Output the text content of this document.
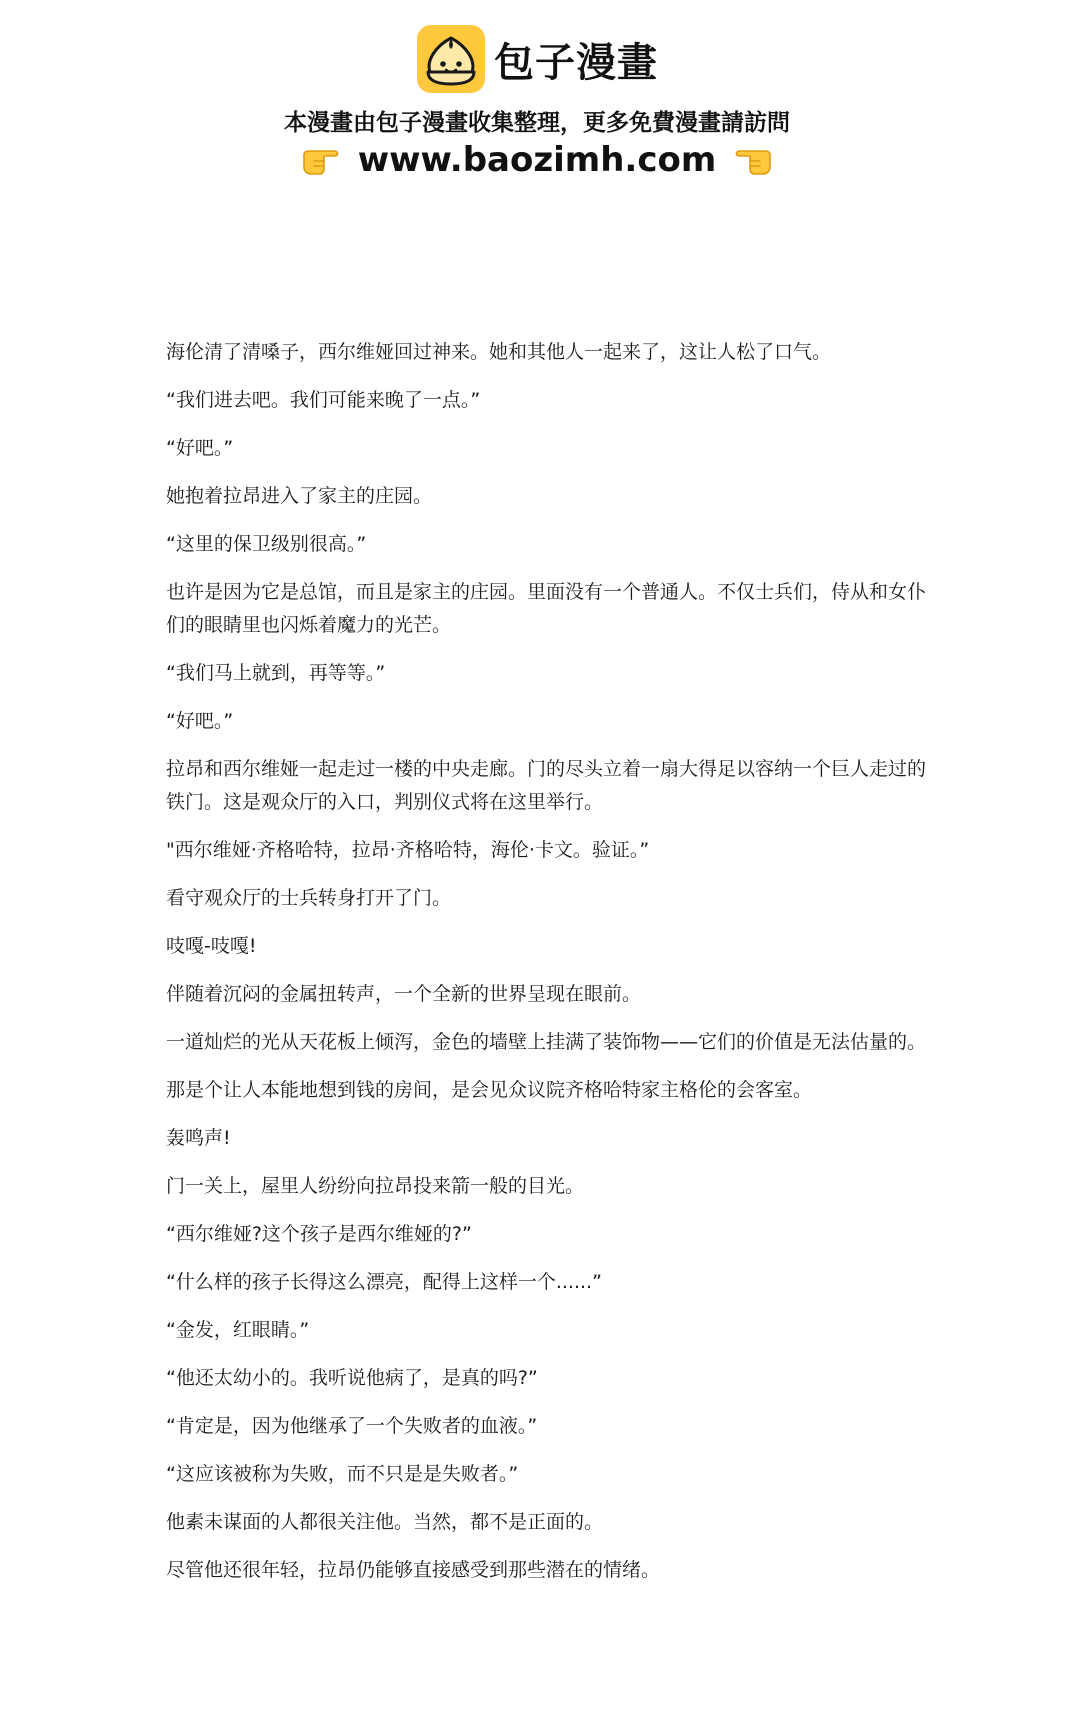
包子漫畫
本漫畫由包子漫畫收集整理，更多免費漫畫請訪問
www.baozimh.com

海伦清了清嗓子，西尔维娅回过神来。她和其他人一起来了，这让人松了口气。

“我们进去吧。我们可能来晚了一点。”

“好吧。”

她抱着拉昂进入了家主的庄园。

“这里的保卫级别很高。”

也许是因为它是总馆，而且是家主的庄园。里面没有一个普通人。不仅士兵们，侍从和女仆们的眼睛里也闪烁着魔力的光芒。

“我们马上就到，再等等。”

“好吧。”

拉昂和西尔维娅一起走过一楼的中央走廊。门的尽头立着一扇大得足以容纳一个巨人走过的铁门。这是观众厅的入口，判别仪式将在这里举行。

"西尔维娅·齐格哈特，拉昂·齐格哈特，海伦·卡文。验证。”

看守观众厅的士兵转身打开了门。

吱嘎-吱嘎!

伴随着沉闷的金属扭转声，一个全新的世界呈现在眼前。

一道灿烂的光从天花板上倾泻，金色的墙壁上挂满了装饰物——它们的价值是无法估量的。

那是个让人本能地想到钱的房间，是会见众议院齐格哈特家主格伦的会客室。

轰鸣声!

门一关上，屋里人纷纷向拉昂投来箭一般的目光。

“西尔维娅?这个孩子是西尔维娅的?”

“什么样的孩子长得这么漂亮，配得上这样一个......”

“金发，红眼睛。”

“他还太幼小的。我听说他病了，是真的吗?”

“肯定是，因为他继承了一个失败者的血液。”

“这应该被称为失败，而不只是是失败者。”

他素未谋面的人都很关注他。当然，都不是正面的。

尽管他还很年轻，拉昂仍能够直接感受到那些潜在的情绪。
